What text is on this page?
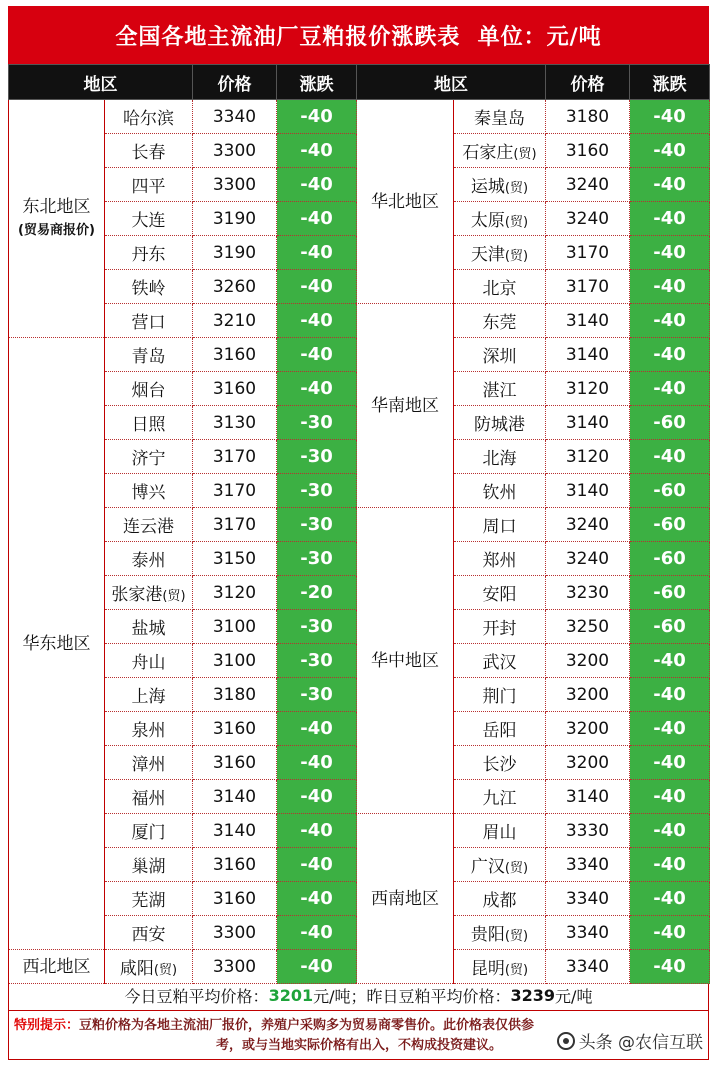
全国各地主流油厂豆粕报价涨跌表  单位：元/吨
地区		价格	涨跌	地区		价格	涨跌
东北地区
(贸易商报价)	哈尔滨	3340	-40	华北地区	秦皇岛	3180	-40
	长春	3300	-40		石家庄(贸)	3160	-40
	四平	3300	-40		运城(贸)	3240	-40
	大连	3190	-40		太原(贸)	3240	-40
	丹东	3190	-40		天津(贸)	3170	-40
	铁岭	3260	-40		北京	3170	-40
	营口	3210	-40	华南地区	东莞	3140	-40
华东地区	青岛	3160	-40		深圳	3140	-40
	烟台	3160	-40		湛江	3120	-40
	日照	3130	-30		防城港	3140	-60
	济宁	3170	-30		北海	3120	-40
	博兴	3170	-30		钦州	3140	-60
	连云港	3170	-30	华中地区	周口	3240	-60
	泰州	3150	-30		郑州	3240	-60
	张家港(贸)	3120	-20		安阳	3230	-60
	盐城	3100	-30		开封	3250	-60
	舟山	3100	-30		武汉	3200	-40
	上海	3180	-30		荆门	3200	-40
	泉州	3160	-40		岳阳	3200	-40
	漳州	3160	-40		长沙	3200	-40
	福州	3140	-40		九江	3140	-40
	厦门	3140	-40	西南地区	眉山	3330	-40
	巢湖	3160	-40		广汉(贸)	3340	-40
	芜湖	3160	-40		成都	3340	-40
	西安	3300	-40		贵阳(贸)	3340	-40
西北地区	咸阳(贸)	3300	-40		昆明(贸)	3340	-40
今日豆粕平均价格： 3201 元/吨； 昨日豆粕平均价格： 3239 元/吨
特别提示：豆粕价格为各地主流油厂报价，养殖户采购多为贸易商零售价。此价格表仅供参
考，或与当地实际价格有出入，不构成投资建议。	头条 @农信互联
